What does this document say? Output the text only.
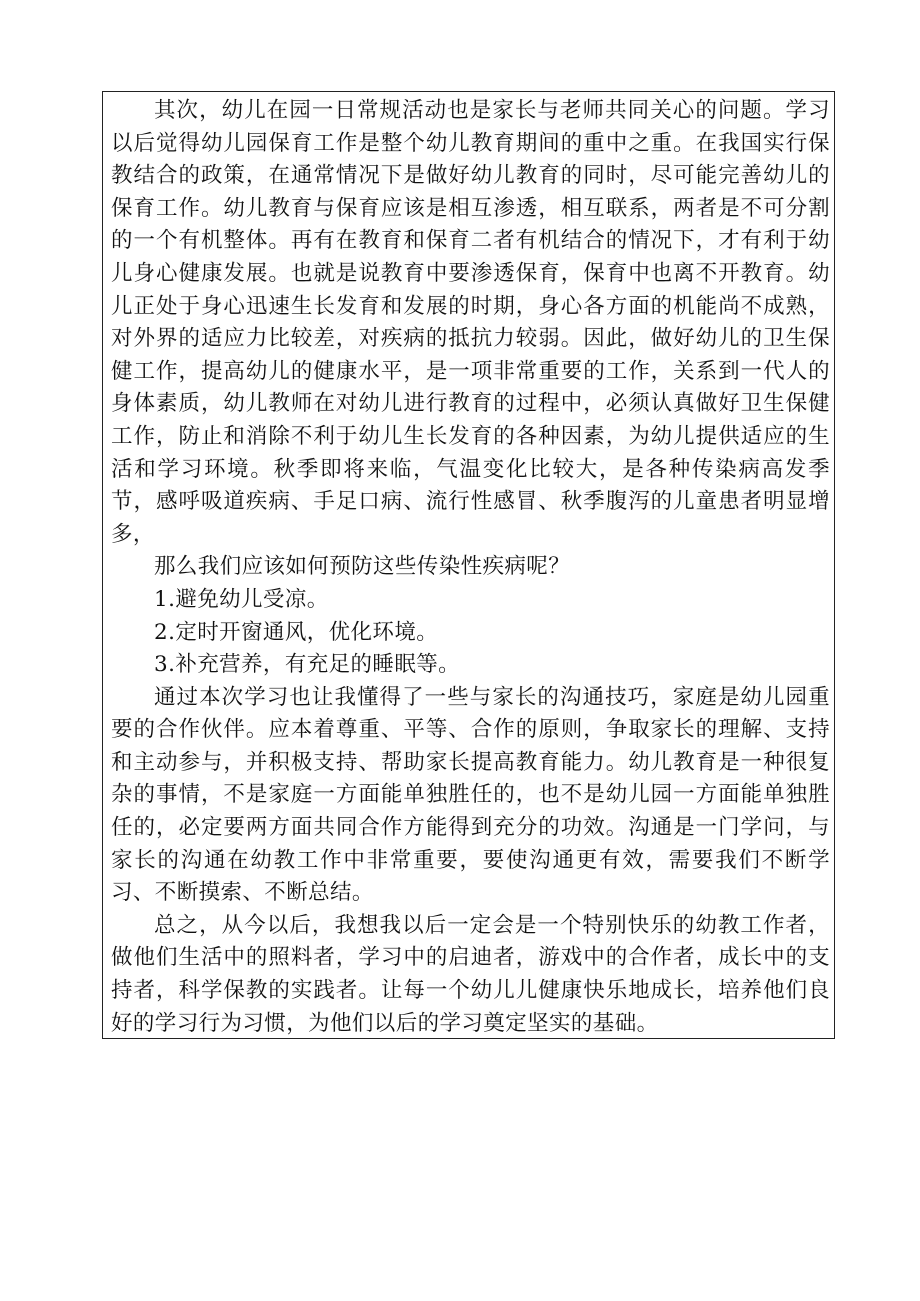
其次，幼儿在园一日常规活动也是家长与老师共同关心的问题。学习以后觉得幼儿园保育工作是整个幼儿教育期间的重中之重。在我国实行保教结合的政策，在通常情况下是做好幼儿教育的同时，尽可能完善幼儿的保育工作。幼儿教育与保育应该是相互渗透，相互联系，两者是不可分割的一个有机整体。再有在教育和保育二者有机结合的情况下，才有利于幼儿身心健康发展。也就是说教育中要渗透保育，保育中也离不开教育。幼儿正处于身心迅速生长发育和发展的时期，身心各方面的机能尚不成熟，对外界的适应力比较差，对疾病的抵抗力较弱。因此，做好幼儿的卫生保健工作，提高幼儿的健康水平，是一项非常重要的工作，关系到一代人的身体素质，幼儿教师在对幼儿进行教育的过程中，必须认真做好卫生保健工作，防止和消除不利于幼儿生长发育的各种因素，为幼儿提供适应的生活和学习环境。秋季即将来临，气温变化比较大，是各种传染病高发季节，感呼吸道疾病、手足口病、流行性感冒、秋季腹泻的儿童患者明显增多，

那么我们应该如何预防这些传染性疾病呢？

1.避免幼儿受凉。

2.定时开窗通风，优化环境。

3.补充营养，有充足的睡眠等。

通过本次学习也让我懂得了一些与家长的沟通技巧，家庭是幼儿园重要的合作伙伴。应本着尊重、平等、合作的原则，争取家长的理解、支持和主动参与，并积极支持、帮助家长提高教育能力。幼儿教育是一种很复杂的事情，不是家庭一方面能单独胜任的，也不是幼儿园一方面能单独胜任的，必定要两方面共同合作方能得到充分的功效。沟通是一门学问，与家长的沟通在幼教工作中非常重要，要使沟通更有效，需要我们不断学习、不断摸索、不断总结。

总之，从今以后，我想我以后一定会是一个特别快乐的幼教工作者，做他们生活中的照料者，学习中的启迪者，游戏中的合作者，成长中的支持者，科学保教的实践者。让每一个幼儿儿健康快乐地成长，培养他们良好的学习行为习惯，为他们以后的学习奠定坚实的基础。
